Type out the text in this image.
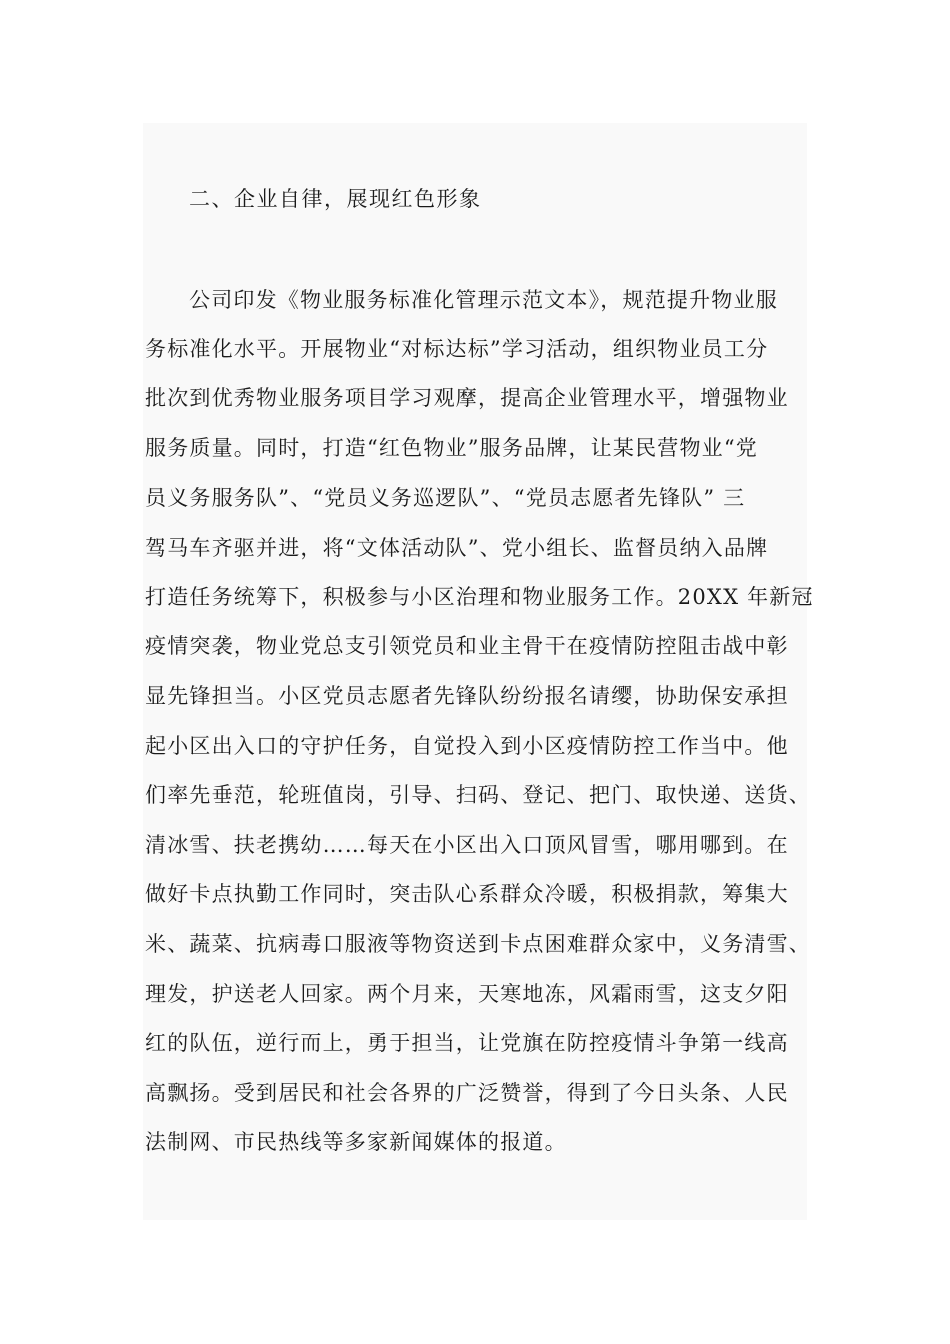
二、企业自律，展现红色形象
公司印发《物业服务标准化管理示范文本》，规范提升物业服
务标准化水平。开展物业“对标达标”学习活动，组织物业员工分
批次到优秀物业服务项目学习观摩，提高企业管理水平，增强物业
服务质量。同时，打造“红色物业”服务品牌，让某民营物业“党
员义务服务队”、“党员义务巡逻队”、“党员志愿者先锋队” 三
驾马车齐驱并进，将“文体活动队”、党小组长、监督员纳入品牌
打造任务统筹下，积极参与小区治理和物业服务工作。20XX 年新冠
疫情突袭，物业党总支引领党员和业主骨干在疫情防控阻击战中彰
显先锋担当。小区党员志愿者先锋队纷纷报名请缨，协助保安承担
起小区出入口的守护任务，自觉投入到小区疫情防控工作当中。他
们率先垂范，轮班值岗，引导、扫码、登记、把门、取快递、送货、
清冰雪、扶老携幼……每天在小区出入口顶风冒雪，哪用哪到。在
做好卡点执勤工作同时，突击队心系群众冷暖，积极捐款，筹集大
米、蔬菜、抗病毒口服液等物资送到卡点困难群众家中，义务清雪、
理发，护送老人回家。两个月来，天寒地冻，风霜雨雪，这支夕阳
红的队伍，逆行而上，勇于担当，让党旗在防控疫情斗争第一线高
高飘扬。受到居民和社会各界的广泛赞誉，得到了今日头条、人民
法制网、市民热线等多家新闻媒体的报道。
